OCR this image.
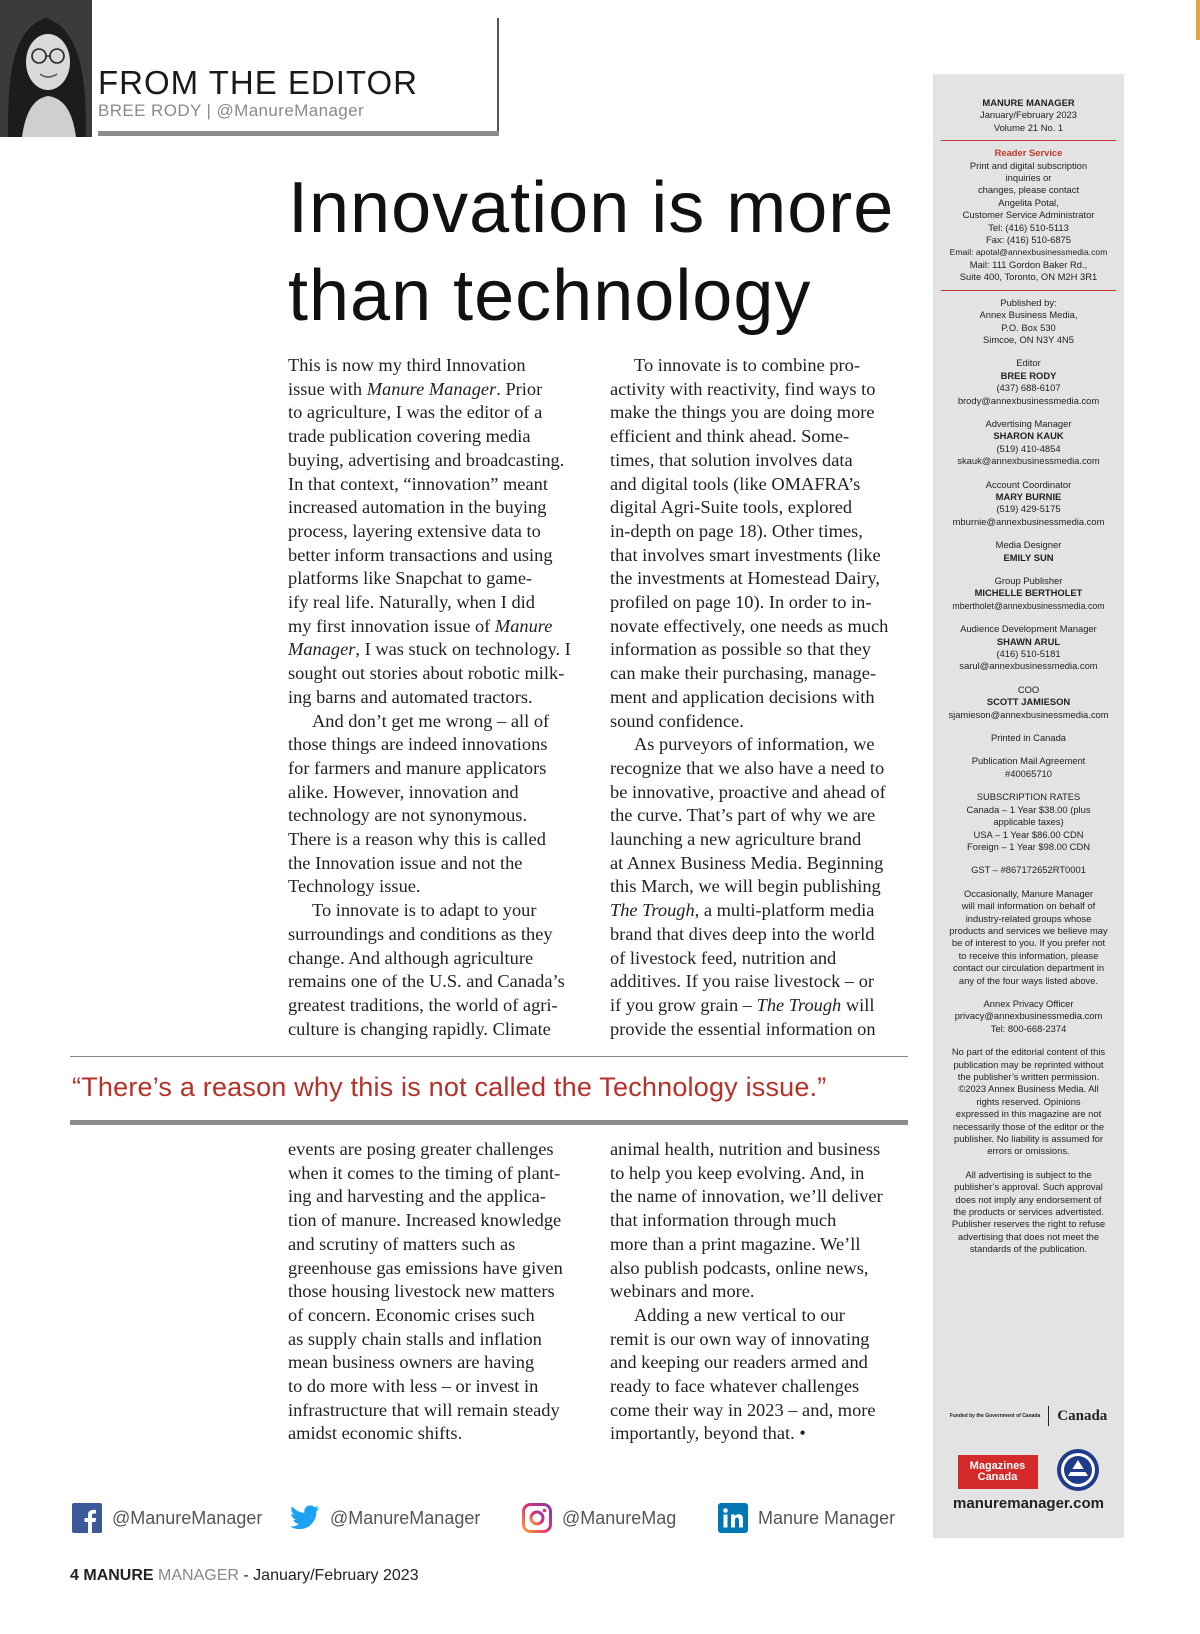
FROM THE EDITOR
BREE RODY | @ManureManager
Innovation is more
than technology

This is now my third Innovation
issue with Manure Manager. Prior
to agriculture, I was the editor of a
trade publication covering media
buying, advertising and broadcasting.
In that context, “innovation” meant
increased automation in the buying
process, layering extensive data to
better inform transactions and using
platforms like Snapchat to game-
ify real life. Naturally, when I did
my first innovation issue of Manure
Manager, I was stuck on technology. I
sought out stories about robotic milk-
ing barns and automated tractors.

And don’t get me wrong – all of
those things are indeed innovations
for farmers and manure applicators
alike. However, innovation and
technology are not synonymous.
There is a reason why this is called
the Innovation issue and not the
Technology issue.

To innovate is to adapt to your
surroundings and conditions as they
change. And although agriculture
remains one of the U.S. and Canada’s
greatest traditions, the world of agri-
culture is changing rapidly. Climate

To innovate is to combine pro-
activity with reactivity, find ways to
make the things you are doing more
efficient and think ahead. Some-
times, that solution involves data
and digital tools (like OMAFRA’s
digital Agri-Suite tools, explored
in-depth on page 18). Other times,
that involves smart investments (like
the investments at Homestead Dairy,
profiled on page 10). In order to in-
novate effectively, one needs as much
information as possible so that they
can make their purchasing, manage-
ment and application decisions with
sound confidence.

As purveyors of information, we
recognize that we also have a need to
be innovative, proactive and ahead of
the curve. That’s part of why we are
launching a new agriculture brand
at Annex Business Media. Beginning
this March, we will begin publishing
The Trough, a multi-platform media
brand that dives deep into the world
of livestock feed, nutrition and
additives. If you raise livestock – or
if you grow grain – The Trough will
provide the essential information on

“There’s a reason why this is not called the Technology issue.”

events are posing greater challenges
when it comes to the timing of plant-
ing and harvesting and the applica-
tion of manure. Increased knowledge
and scrutiny of matters such as
greenhouse gas emissions have given
those housing livestock new matters
of concern. Economic crises such
as supply chain stalls and inflation
mean business owners are having
to do more with less – or invest in
infrastructure that will remain steady
amidst economic shifts.

animal health, nutrition and business
to help you keep evolving. And, in
the name of innovation, we’ll deliver
that information through much
more than a print magazine. We’ll
also publish podcasts, online news,
webinars and more.

Adding a new vertical to our
remit is our own way of innovating
and keeping our readers armed and
ready to face whatever challenges
come their way in 2023 – and, more
importantly, beyond that. •

@ManureManager	@ManureManager	@ManureMag	Manure Manager
4 MANURE MANAGER - January/February 2023
MANURE MANAGER
January/February 2023
Volume 21 No. 1
Reader Service
Print and digital subscription
inquiries or
changes, please contact
Angelita Potal,
Customer Service Administrator
Tel: (416) 510-5113
Fax: (416) 510-6875
Email: apotal@annexbusinessmedia.com
Mail: 111 Gordon Baker Rd.,
Suite 400, Toronto, ON M2H 3R1
Published by:
Annex Business Media,
P.O. Box 530
Simcoe, ON N3Y 4N5
Editor
BREE RODY
(437) 688-6107
brody@annexbusinessmedia.com
Advertising Manager
SHARON KAUK
(519) 410-4854
skauk@annexbusinessmedia.com
Account Coordinator
MARY BURNIE
(519) 429-5175
mburnie@annexbusinessmedia.com
Media Designer
EMILY SUN
Group Publisher
MICHELLE BERTHOLET
mbertholet@annexbusinessmedia.com
Audience Development Manager
SHAWN ARUL
(416) 510-5181
sarul@annexbusinessmedia.com
COO
SCOTT JAMIESON
sjamieson@annexbusinessmedia.com
Printed in Canada
Publication Mail Agreement
#40065710
SUBSCRIPTION RATES
Canada – 1 Year $38.00 (plus
applicable taxes)
USA – 1 Year $86.00 CDN
Foreign – 1 Year $98.00 CDN
GST – #867172652RT0001
Occasionally, Manure Manager
will mail information on behalf of
industry-related groups whose
products and services we believe may
be of interest to you. If you prefer not
to receive this information, please
contact our circulation department in
any of the four ways listed above.
Annex Privacy Officer
privacy@annexbusinessmedia.com
Tel: 800-668-2374
No part of the editorial content of this
publication may be reprinted without
the publisher’s written permission.
©2023 Annex Business Media. All
rights reserved. Opinions
expressed in this magazine are not
necessarily those of the editor or the
publisher. No liability is assumed for
errors or omissions.
All advertising is subject to the
publisher’s approval. Such approval
does not imply any endorsement of
the products or services advertisted.
Publisher reserves the right to refuse
advertising that does not meet the
standards of the publication.
Funded by the Government of Canada Canada
Magazines
Canada
manuremanager.com
